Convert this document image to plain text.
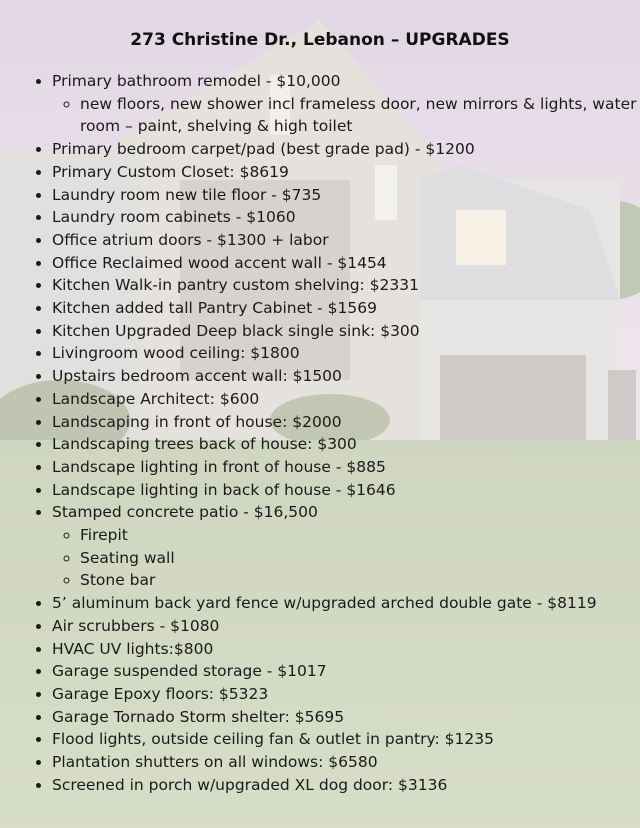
273 Christine Dr., Lebanon – UPGRADES
• Primary bathroom remodel - $10,000
◦ new floors, new shower incl frameless door, new mirrors & lights, water room – paint, shelving & high toilet
• Primary bedroom carpet/pad (best grade pad) - $1200
• Primary Custom Closet: $8619
• Laundry room new tile floor - $735
• Laundry room cabinets - $1060
• Office atrium doors - $1300 + labor
• Office Reclaimed wood accent wall - $1454
• Kitchen Walk-in pantry custom shelving: $2331
• Kitchen added tall Pantry Cabinet - $1569
• Kitchen Upgraded Deep black single sink: $300
• Livingroom wood ceiling: $1800
• Upstairs bedroom accent wall: $1500
• Landscape Architect: $600
• Landscaping in front of house: $2000
• Landscaping trees back of house: $300
• Landscape lighting in front of house - $885
• Landscape lighting in back of house - $1646
• Stamped concrete patio - $16,500
◦ Firepit
◦ Seating wall
◦ Stone bar
• 5’ aluminum back yard fence w/upgraded arched double gate - $8119
• Air scrubbers - $1080
• HVAC UV lights:$800
• Garage suspended storage - $1017
• Garage Epoxy floors: $5323
• Garage Tornado Storm shelter: $5695
• Flood lights, outside ceiling fan & outlet in pantry: $1235
• Plantation shutters on all windows: $6580
• Screened in porch w/upgraded XL dog door: $3136
